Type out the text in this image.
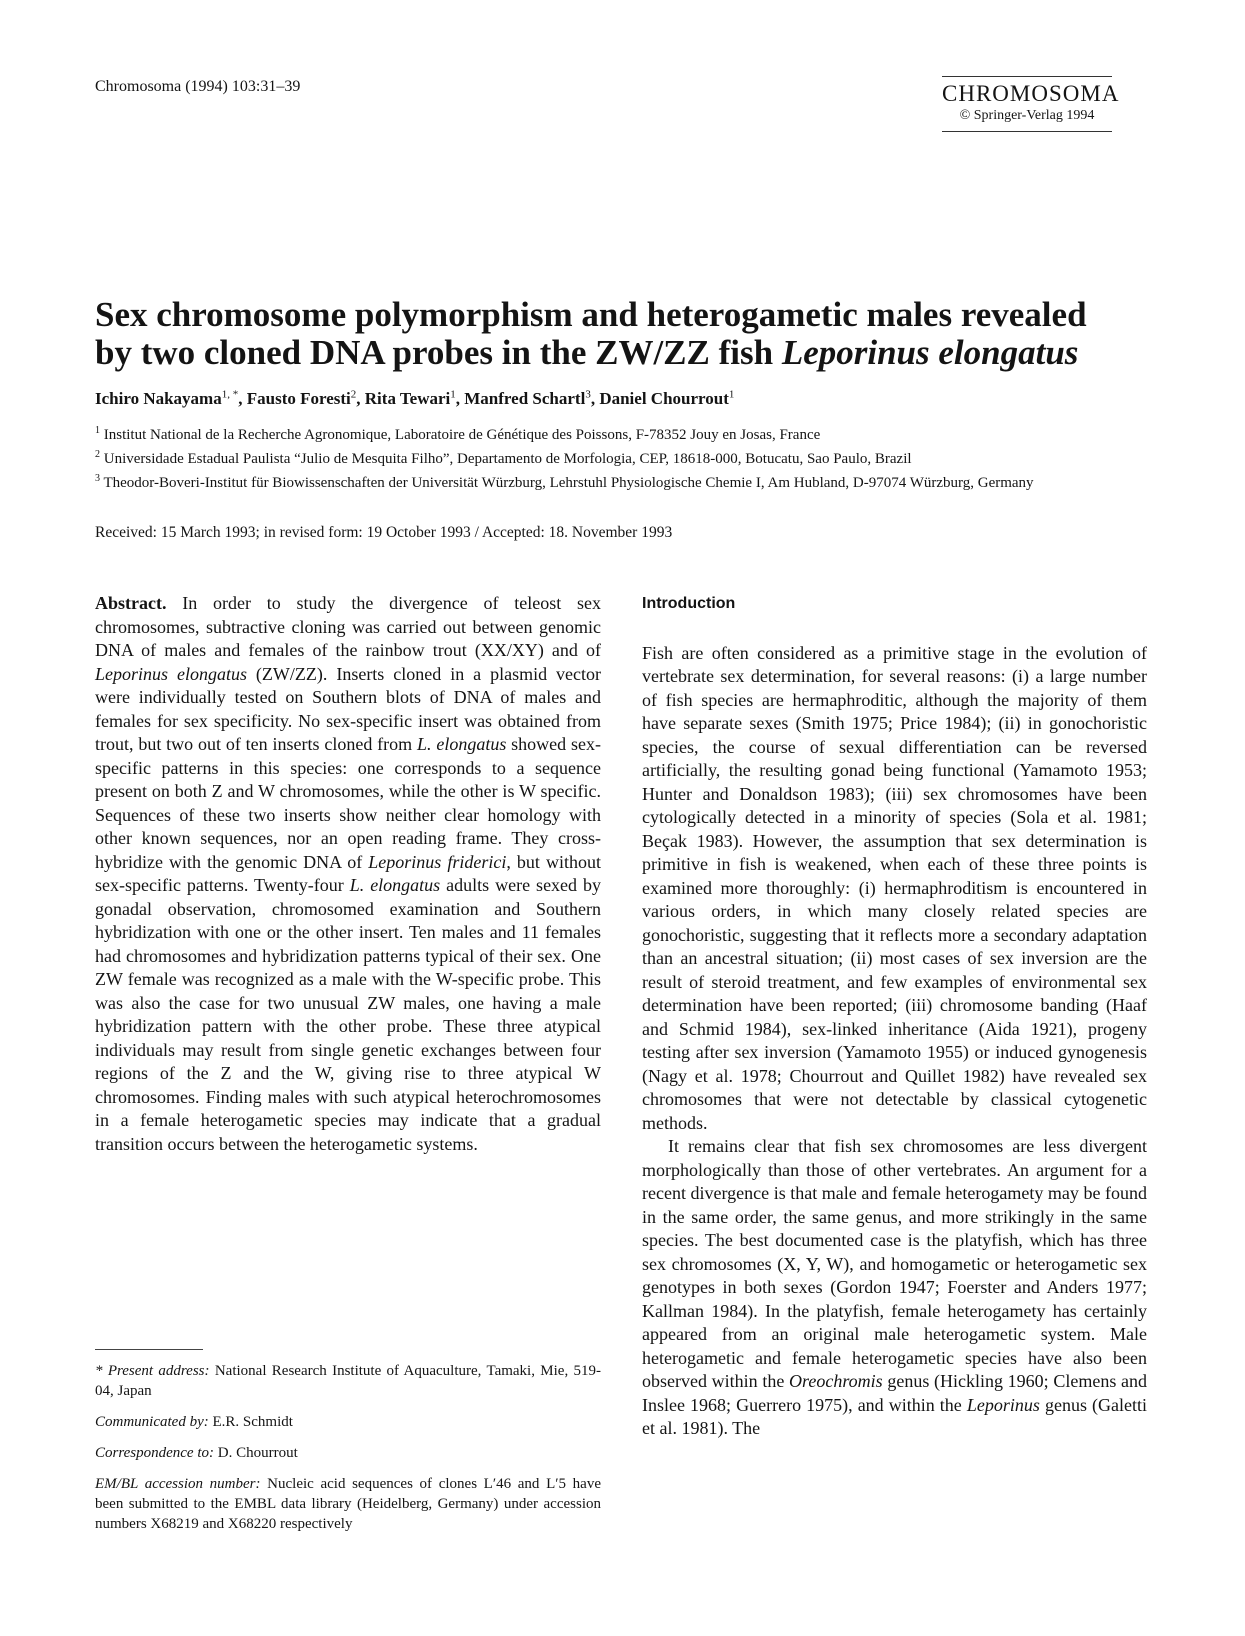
Chromosoma (1994) 103:31–39	CHROMOSOMA
© Springer-Verlag 1994
Sex chromosome polymorphism and heterogametic males revealed
by two cloned DNA probes in the ZW/ZZ fish Leporinus elongatus
Ichiro Nakayama$^{1, *}$, Fausto Foresti$^2$, Rita Tewari$^1$, Manfred Schartl$^3$, Daniel Chourrout$^1$
$^1$ Institut National de la Recherche Agronomique, Laboratoire de Génétique des Poissons, F-78352 Jouy en Josas, France
$^2$ Universidade Estadual Paulista “Julio de Mesquita Filho”, Departamento de Morfologia, CEP, 18618-000, Botucatu, Sao Paulo, Brazil
$^3$ Theodor-Boveri-Institut für Biowissenschaften der Universität Würzburg, Lehrstuhl Physiologische Chemie I, Am Hubland, D-97074 Würzburg, Germany
Received: 15 March 1993; in revised form: 19 October 1993 / Accepted: 18. November 1993

Abstract. In order to study the divergence of teleost sex chromosomes, subtractive cloning was carried out between genomic DNA of males and females of the rainbow trout (XX/XY) and of Leporinus elongatus (ZW/ZZ). Inserts cloned in a plasmid vector were individually tested on Southern blots of DNA of males and females for sex specificity. No sex-specific insert was obtained from trout, but two out of ten inserts cloned from L. elongatus showed sex-specific patterns in this species: one corresponds to a sequence present on both Z and W chromosomes, while the other is W specific. Sequences of these two inserts show neither clear homology with other known sequences, nor an open reading frame. They cross-hybridize with the genomic DNA of Leporinus friderici, but without sex-specific patterns. Twenty-four L. elongatus adults were sexed by gonadal observation, chromosomed examination and Southern hybridization with one or the other insert. Ten males and 11 females had chromosomes and hybridization patterns typical of their sex. One ZW female was recognized as a male with the W-specific probe. This was also the case for two unusual ZW males, one having a male hybridization pattern with the other probe. These three atypical individuals may result from single genetic exchanges between four regions of the Z and the W, giving rise to three atypical W chromosomes. Finding males with such atypical heterochromosomes in a female heterogametic species may indicate that a gradual transition occurs between the heterogametic systems.

* Present address: National Research Institute of Aquaculture, Tamaki, Mie, 519-04, Japan

Communicated by: E.R. Schmidt

Correspondence to: D. Chourrout

EM/BL accession number: Nucleic acid sequences of clones L′46 and L′5 have been submitted to the EMBL data library (Heidelberg, Germany) under accession numbers X68219 and X68220 respectively

Introduction

Fish are often considered as a primitive stage in the evolution of vertebrate sex determination, for several reasons: (i) a large number of fish species are hermaphroditic, although the majority of them have separate sexes (Smith 1975; Price 1984); (ii) in gonochoristic species, the course of sexual differentiation can be reversed artificially, the resulting gonad being functional (Yamamoto 1953; Hunter and Donaldson 1983); (iii) sex chromosomes have been cytologically detected in a minority of species (Sola et al. 1981; Beçak 1983). However, the assumption that sex determination is primitive in fish is weakened, when each of these three points is examined more thoroughly: (i) hermaphroditism is encountered in various orders, in which many closely related species are gonochoristic, suggesting that it reflects more a secondary adaptation than an ancestral situation; (ii) most cases of sex inversion are the result of steroid treatment, and few examples of environmental sex determination have been reported; (iii) chromosome banding (Haaf and Schmid 1984), sex-linked inheritance (Aida 1921), progeny testing after sex inversion (Yamamoto 1955) or induced gynogenesis (Nagy et al. 1978; Chourrout and Quillet 1982) have revealed sex chromosomes that were not detectable by classical cytogenetic methods.

It remains clear that fish sex chromosomes are less divergent morphologically than those of other vertebrates. An argument for a recent divergence is that male and female heterogamety may be found in the same order, the same genus, and more strikingly in the same species. The best documented case is the platyfish, which has three sex chromosomes (X, Y, W), and homogametic or heterogametic sex genotypes in both sexes (Gordon 1947; Foerster and Anders 1977; Kallman 1984). In the platyfish, female heterogamety has certainly appeared from an original male heterogametic system. Male heterogametic and female heterogametic species have also been observed within the Oreochromis genus (Hickling 1960; Clemens and Inslee 1968; Guerrero 1975), and within the Leporinus genus (Galetti et al. 1981). The
